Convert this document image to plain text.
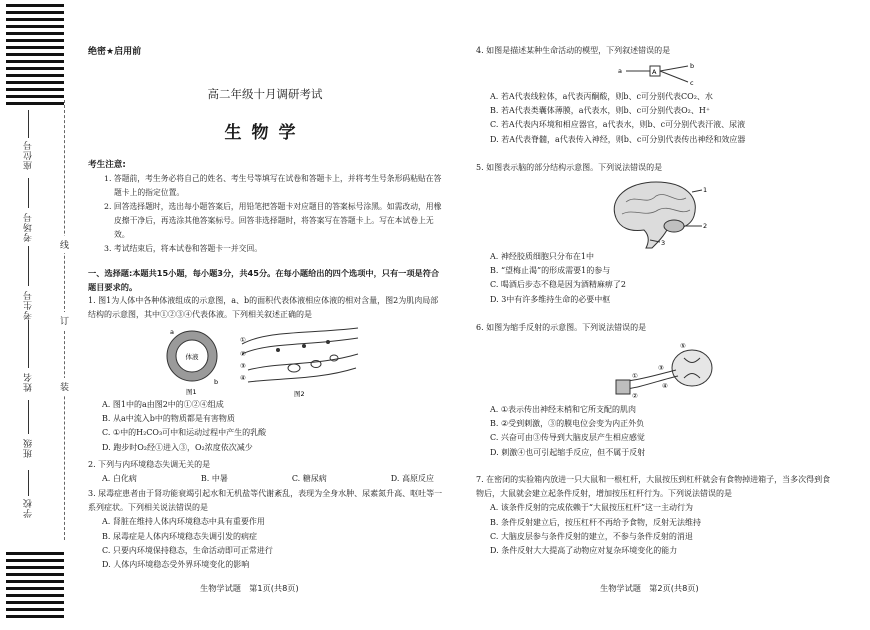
座位号
考场号
考生号
姓名
班级
学校
线
订
装
绝密★启用前
高二年级十月调研考试
生物学
考生注意:

1. 答题前，考生务必将自己的姓名、考生号等填写在试卷和答题卡上，并将考生号条形码粘贴在答题卡上的指定位置。

2. 回答选择题时，选出每小题答案后，用铅笔把答题卡对应题目的答案标号涂黑。如需改动，用橡皮擦干净后，再选涂其他答案标号。回答非选择题时，将答案写在答题卡上。写在本试卷上无效。

3. 考试结束后，将本试卷和答题卡一并交回。

一、选择题:本题共15小题，每小题3分，共45分。在每小题给出的四个选项中，只有一项是符合题目要求的。

1. 图1为人体中各种体液组成的示意图，a、b的面积代表体液相应体液的相对含量，图2为肌肉局部结构的示意图，其中①②③④代表体液。下列相关叙述正确的是

体液
a
b
图1
①
②
③
④
图2

A. 图1中的a由图2中的①②④组成

B. 从a中流入b中的物质都是有害物质

C. ①中的H₂CO₃可中和运动过程中产生的乳酸

D. 跑步时O₂经①进入③，O₂浓度依次减少

2. 下列与内环境稳态失调无关的是

A. 白化病	B. 中暑	C. 糖尿病	D. 高原反应

3. 尿毒症患者由于肾功能衰竭引起水和无机盐等代谢紊乱，表现为全身水肿、尿素氮升高、呕吐等一系列症状。下列相关说法错误的是

A. 肾脏在维持人体内环境稳态中具有重要作用

B. 尿毒症是人体内环境稳态失调引发的病症

C. 只要内环境保持稳态，生命活动即可正常进行

D. 人体内环境稳态受外界环境变化的影响

生物学试题　第1页(共8页)

4. 如图是描述某种生命活动的模型，下列叙述错误的是

a	A
b
c

A. 若A代表线粒体，a代表丙酮酸，则b、c可分别代表CO₂、水

B. 若A代表类囊体薄膜，a代表水，则b、c可分别代表O₂、H⁺

C. 若A代表内环境和相应器官，a代表水，则b、c可分别代表汗液、尿液

D. 若A代表脊髓，a代表传入神经，则b、c可分别代表传出神经和效应器

5. 如图表示脑的部分结构示意图。下列说法错误的是

1
2
3

A. 神经胶质细胞只分布在1中

B. “望梅止渴”的形成需要1的参与

C. 喝酒后步态不稳是因为酒精麻痹了2

D. 3中有许多维持生命的必要中枢

6. 如图为缩手反射的示意图。下列说法错误的是

①
②
③
④
⑤

A. ①表示传出神经末梢和它所支配的肌肉

B. ②受到刺激，③的膜电位会变为内正外负

C. 兴奋可由③传导到大脑皮层产生相应感觉

D. 刺激④也可引起缩手反应，但不属于反射

7. 在密闭的实验箱内放进一只大鼠和一根杠杆，大鼠按压到杠杆就会有食物掉进箱子，当多次得到食物后，大鼠就会建立起条件反射，增加按压杠杆行为。下列说法错误的是

A. 该条件反射的完成依赖于“大鼠按压杠杆”这一主动行为

B. 条件反射建立后，按压杠杆不再给予食物，反射无法维持

C. 大脑皮层参与条件反射的建立，不参与条件反射的消退

D. 条件反射大大提高了动物应对复杂环境变化的能力

生物学试题　第2页(共8页)
